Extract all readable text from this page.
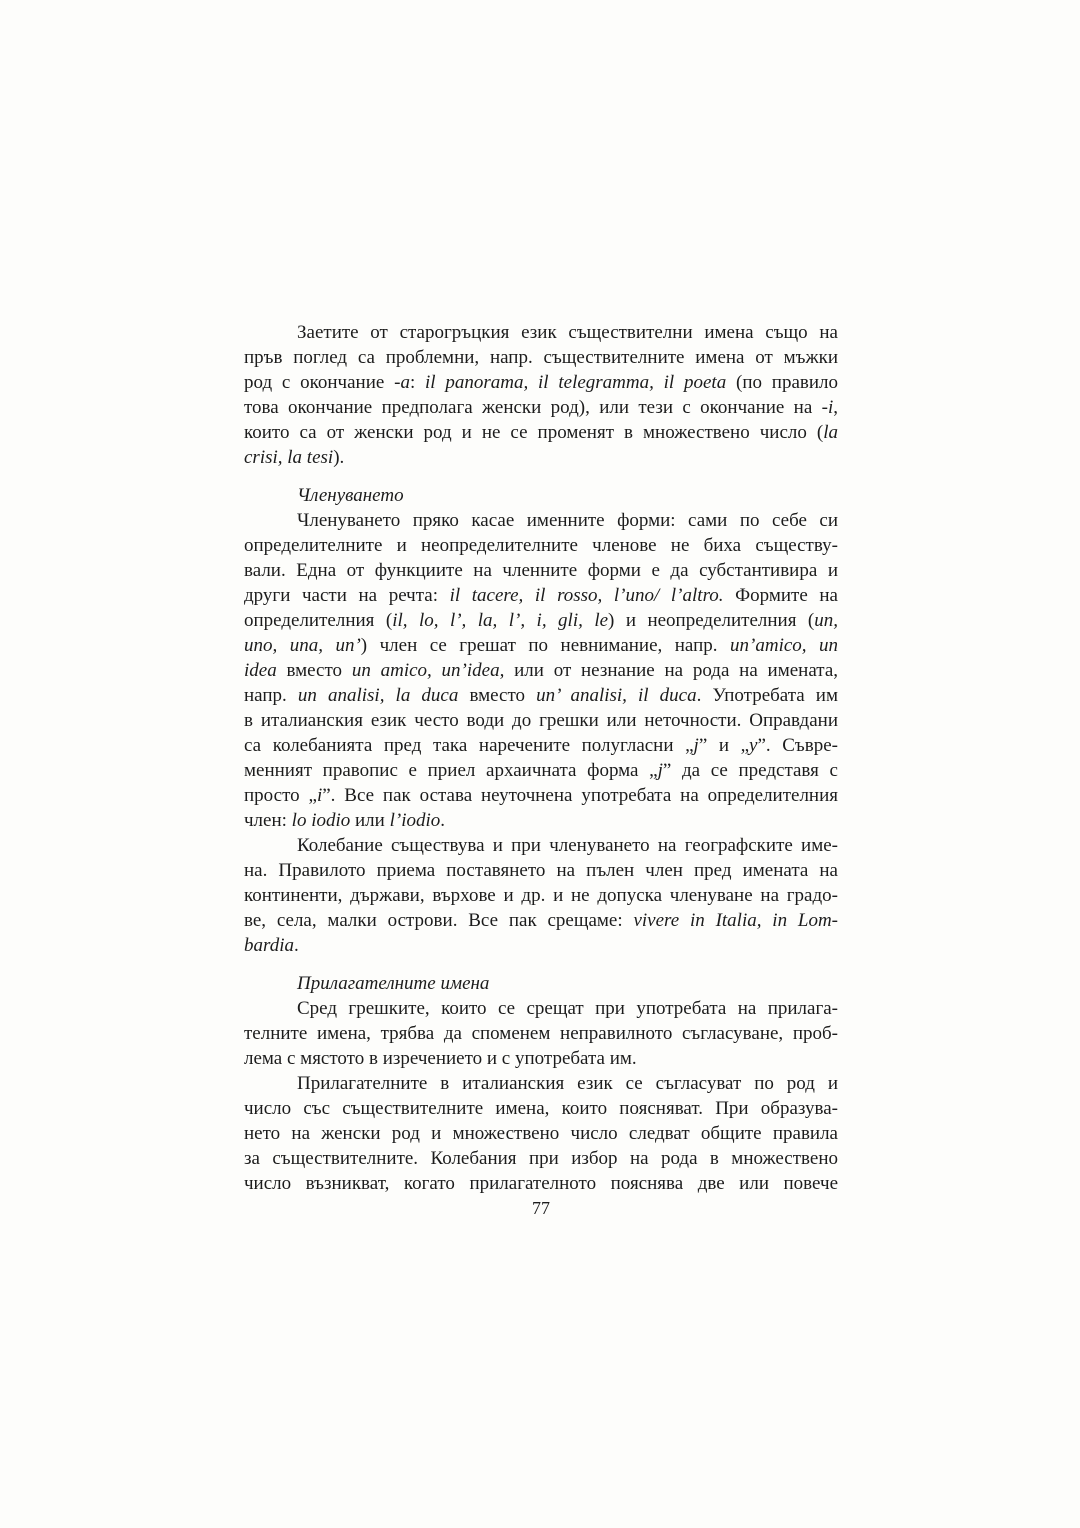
Заетите от старогръцкия език съществителни имена също на
пръв поглед са проблемни, напр. съществителните имена от мъжки
род с окончание -a: il panorama, il telegramma, il poeta (по правило
това окончание предполага женски род), или тези с окончание на -i,
които са от женски род и не се променят в множествено число (la
crisi, la tesi).
Членуването
Членуването пряко касае именните форми: сами по себе си
определителните и неопределителните членове не биха съществу-
вали. Една от функциите на членните форми е да субстантивира и
други части на речта: il tacere, il rosso, l’uno/ l’altro. Формите на
определителния (il, lo, l’, la, l’, i, gli, le) и неопределителния (un,
uno, una, un’) член се грешат по невнимание, напр. un’amico, un
idea вместо un amico, un’idea, или от незнание на рода на имената,
напр. un analisi, la duca вместо un’ analisi, il duca. Употребата им
в италианския език често води до грешки или неточности. Оправдани
са колебанията пред така наречените полугласни „j” и „y”. Съвре-
менният правопис е приел архаичната форма „j” да се представя с
просто „i”. Все пак остава неуточнена употребата на определителния
член: lo iodio или l’iodio.
Колебание съществува и при членуването на географските име-
на. Правилото приема поставянето на пълен член пред имената на
континенти, държави, върхове и др. и не допуска членуване на градо-
ве, села, малки острови. Все пак срещаме: vivere in Italia, in Lom-
bardia.
Прилагателните имена
Сред грешките, които се срещат при употребата на прилага-
телните имена, трябва да споменем неправилното съгласуване, проб-
лема с мястото в изречението и с употребата им.
Прилагателните в италианския език се съгласуват по род и
число със съществителните имена, които поясняват. При образува-
нето на женски род и множествено число следват общите правила
за съществителните. Колебания при избор на рода в множествено
число възникват, когато прилагателното пояснява две или повече
77
